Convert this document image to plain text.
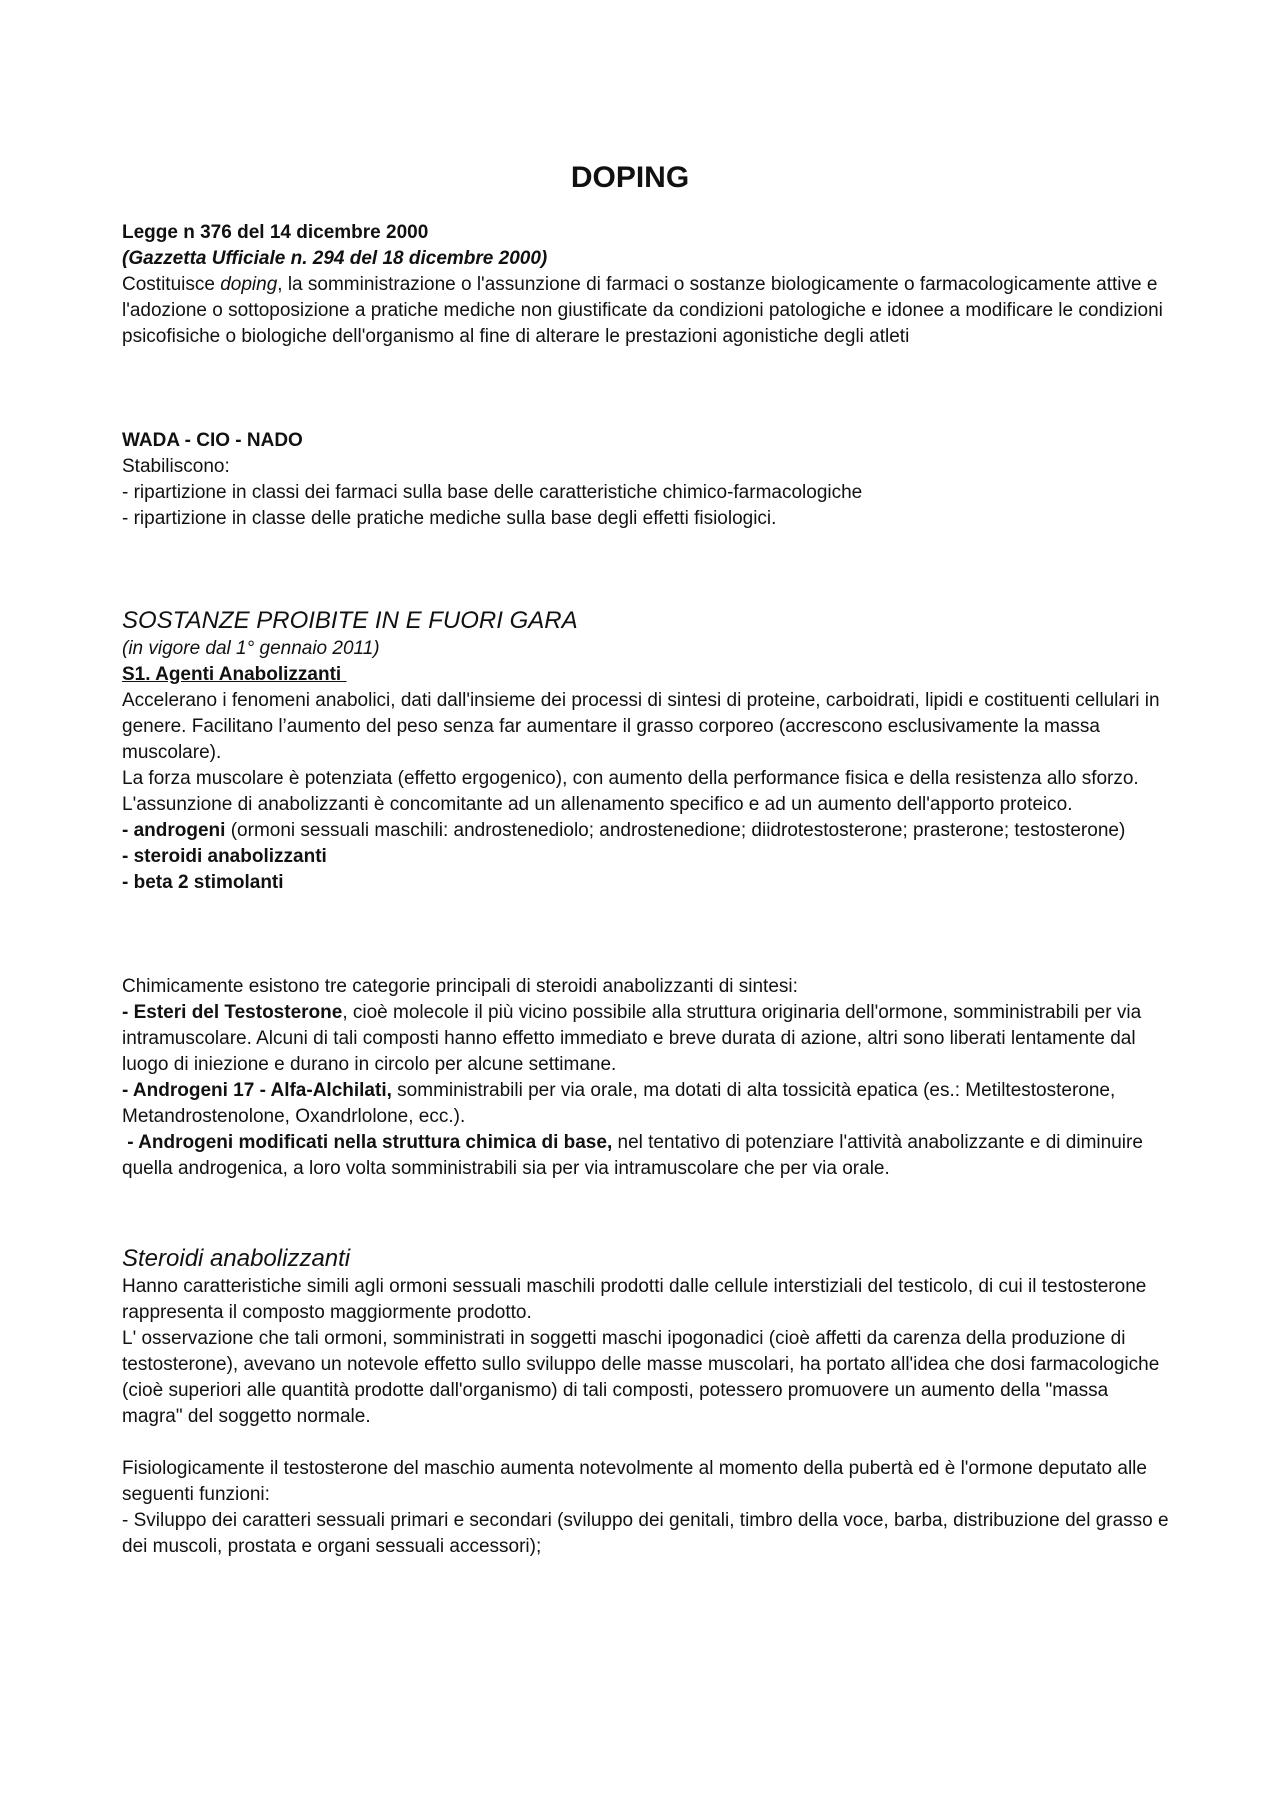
DOPING

Legge n 376 del 14 dicembre 2000

(Gazzetta Ufficiale n. 294 del 18 dicembre 2000)

Costituisce doping, la somministrazione o l'assunzione di farmaci o sostanze biologicamente o farmacologicamente attive e l'adozione o sottoposizione a pratiche mediche non giustificate da condizioni patologiche e idonee a modificare le condizioni psicofisiche o biologiche dell'organismo al fine di alterare le prestazioni agonistiche degli atleti

WADA - CIO - NADO

Stabiliscono:

- ripartizione in classi dei farmaci sulla base delle caratteristiche chimico-farmacologiche

- ripartizione in classe delle pratiche mediche sulla base degli effetti fisiologici.

SOSTANZE PROIBITE IN E FUORI GARA

(in vigore dal 1° gennaio 2011)

S1. Agenti Anabolizzanti

Accelerano i fenomeni anabolici, dati dall'insieme dei processi di sintesi di proteine, carboidrati, lipidi e costituenti cellulari in genere. Facilitano l’aumento del peso senza far aumentare il grasso corporeo (accrescono esclusivamente la massa muscolare).

La forza muscolare è potenziata (effetto ergogenico), con aumento della performance fisica e della resistenza allo sforzo.

L'assunzione di anabolizzanti è concomitante ad un allenamento specifico e ad un aumento dell'apporto proteico.

- androgeni (ormoni sessuali maschili: androstenediolo; androstenedione; diidrotestosterone; prasterone; testosterone)

- steroidi anabolizzanti

- beta 2 stimolanti

Chimicamente esistono tre categorie principali di steroidi anabolizzanti di sintesi:

- Esteri del Testosterone, cioè molecole il più vicino possibile alla struttura originaria dell'ormone, somministrabili per via intramuscolare. Alcuni di tali composti hanno effetto immediato e breve durata di azione, altri sono liberati lentamente dal luogo di iniezione e durano in circolo per alcune settimane.

- Androgeni 17 - Alfa-Alchilati, somministrabili per via orale, ma dotati di alta tossicità epatica (es.: Metiltestosterone, Metandrostenolone, Oxandrlolone, ecc.).

- Androgeni modificati nella struttura chimica di base, nel tentativo di potenziare l'attività anabolizzante e di diminuire quella androgenica, a loro volta somministrabili sia per via intramuscolare che per via orale.

Steroidi anabolizzanti

Hanno caratteristiche simili agli ormoni sessuali maschili prodotti dalle cellule interstiziali del testicolo, di cui il testosterone rappresenta il composto maggiormente prodotto.

L' osservazione che tali ormoni, somministrati in soggetti maschi ipogonadici (cioè affetti da carenza della produzione di testosterone), avevano un notevole effetto sullo sviluppo delle masse muscolari, ha portato all'idea che dosi farmacologiche (cioè superiori alle quantità prodotte dall'organismo) di tali composti, potessero promuovere un aumento della "massa magra" del soggetto normale.

Fisiologicamente il testosterone del maschio aumenta notevolmente al momento della pubertà ed è l'ormone deputato alle seguenti funzioni:

- Sviluppo dei caratteri sessuali primari e secondari (sviluppo dei genitali, timbro della voce, barba, distribuzione del grasso e dei muscoli, prostata e organi sessuali accessori);
